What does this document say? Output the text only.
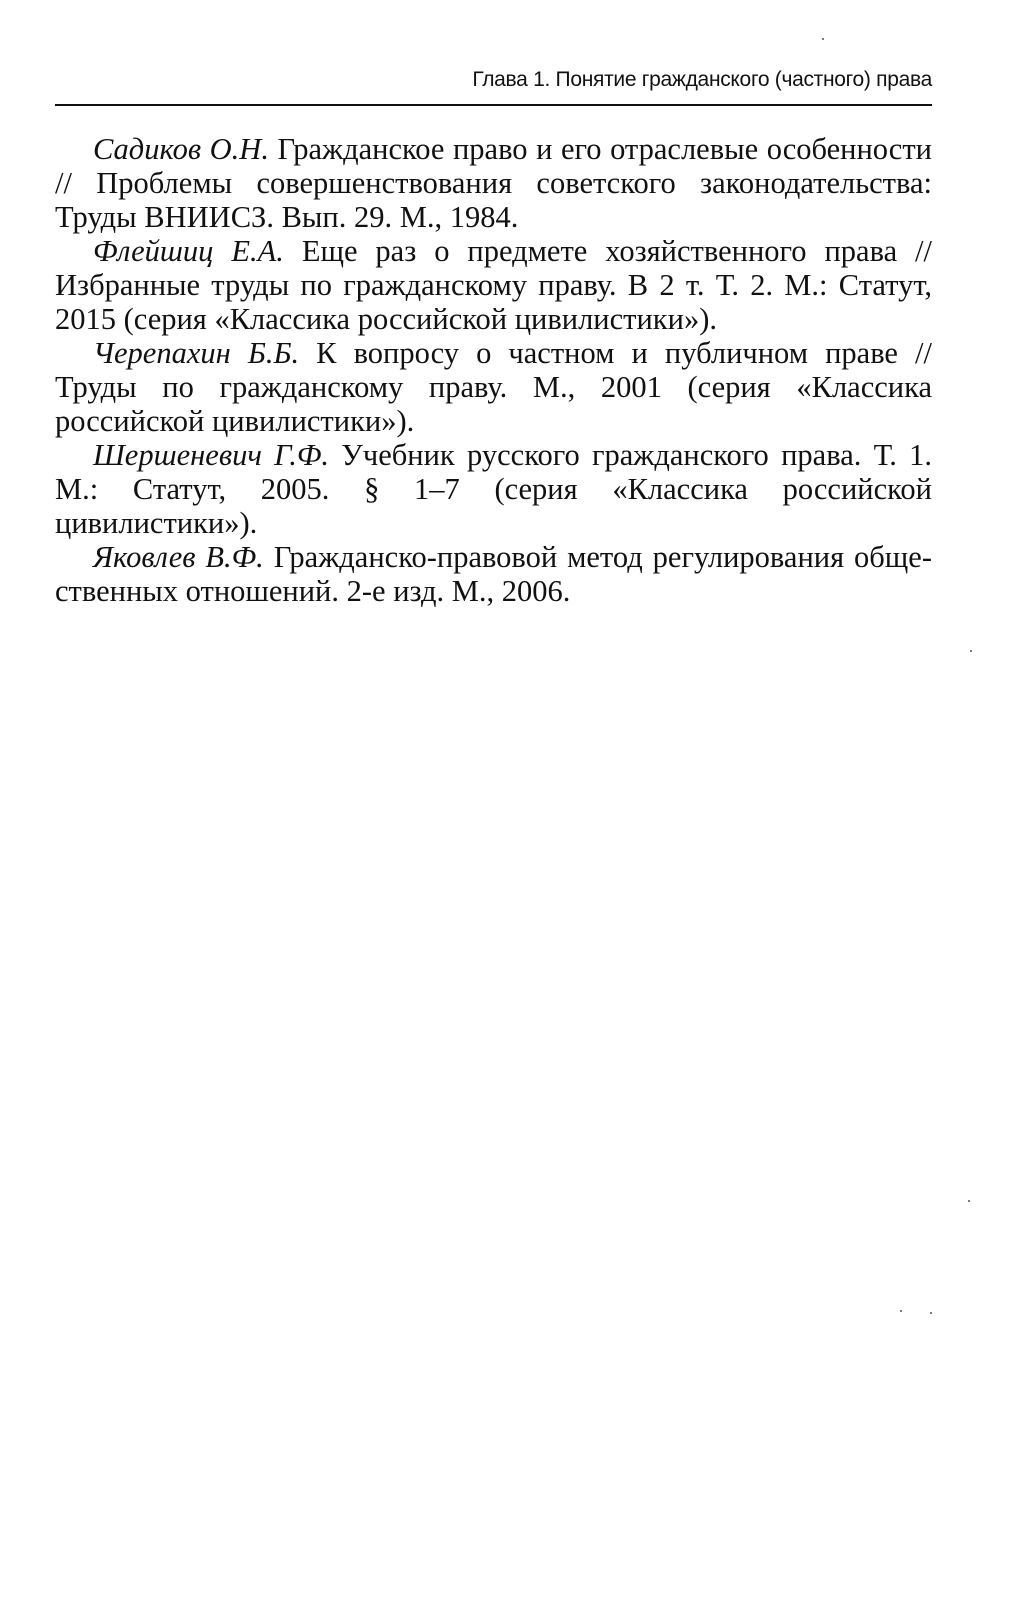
Глава 1. Понятие гражданского (частного) права
Садиков О.Н. Гражданское право и его отраслевые особенности // Проблемы совершенствования советского законодательства: Труды ВНИИСЗ. Вып. 29. М., 1984.
Флейшиц Е.А. Еще раз о предмете хозяйственного права // Избранные труды по гражданскому праву. В 2 т. Т. 2. М.: Статут, 2015 (серия «Классика российской цивилистики»).
Черепахин Б.Б. К вопросу о частном и публичном праве // Труды по гражданскому праву. М., 2001 (серия «Классика российской цивилистики»).
Шершеневич Г.Ф. Учебник русского гражданского права. Т. 1. М.: Статут, 2005. § 1–7 (серия «Классика российской цивилистики»).
Яковлев В.Ф. Гражданско-правовой метод регулирования общественных отношений. 2-е изд. М., 2006.
